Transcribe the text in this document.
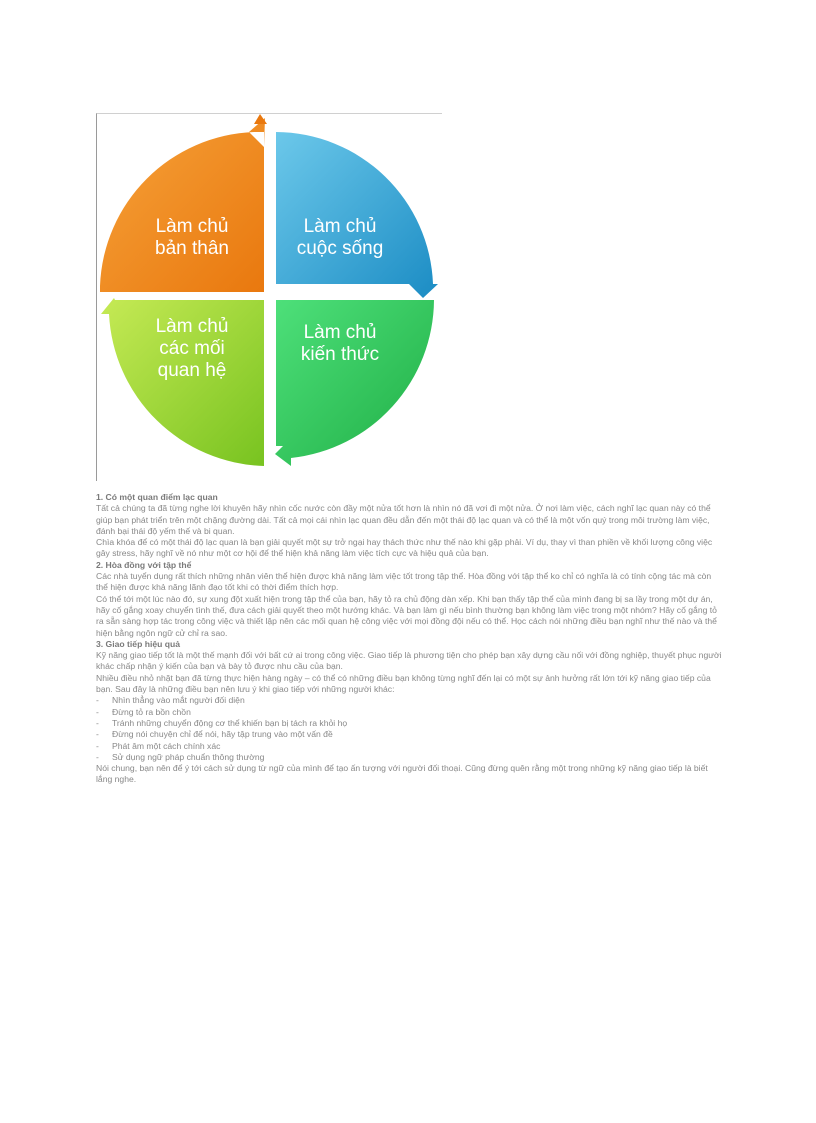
Làm chủ
bản thân
Làm chủ
cuộc sống
Làm chủ
các mối
quan hệ
Làm chủ
kiến thức

1. Có một quan điểm lạc quan

Tất cả chúng ta đã từng nghe lời khuyên hãy nhìn cốc nước còn đầy một nửa tốt hơn là nhìn nó đã vơi đi một nửa. Ở nơi làm việc, cách nghĩ lạc quan này có thể giúp bạn phát triển trên một chặng đường dài. Tất cả mọi cái nhìn lạc quan đều dẫn đến một thái độ lạc quan và có thể là một vốn quý trong môi trường làm việc, đánh bại thái độ yếm thế và bi quan.

Chìa khóa để có một thái độ lạc quan là bạn giải quyết một sự trở ngại hay thách thức như thế nào khi gặp phải. Ví dụ, thay vì than phiền về khối lượng công việc gây stress, hãy nghĩ về nó như một cơ hội để thể hiện khả năng làm việc tích cực và hiệu quả của bạn.

2. Hòa đồng với tập thể

Các nhà tuyển dụng rất thích những nhân viên thể hiện được khả năng làm việc tốt trong tập thể. Hòa đồng với tập thể ko chỉ có nghĩa là có tính cộng tác mà còn thể hiện được khả năng lãnh đạo tốt khi có thời điểm thích hợp.

Có thể tới một lúc nào đó, sự xung đột xuất hiện trong tập thể của bạn, hãy tỏ ra chủ động dàn xếp. Khi bạn thấy tập thể của mình đang bị sa lầy trong một dự án, hãy cố gắng xoay chuyển tình thế, đưa cách giải quyết theo một hướng khác. Và bạn làm gì nếu bình thường bạn không làm việc trong một nhóm? Hãy cố gắng tỏ ra sẵn sàng hợp tác trong công việc và thiết lập nên các mối quan hệ công việc với mọi đồng đội nếu có thể. Học cách nói những điều bạn nghĩ như thế nào và thể hiện bằng ngôn ngữ cử chỉ ra sao.

3. Giao tiếp hiệu quả

Kỹ năng giao tiếp tốt là một thế mạnh đối với bất cứ ai trong công việc. Giao tiếp là phương tiện cho phép bạn xây dựng cầu nối với đồng nghiệp, thuyết phục người khác chấp nhận ý kiến của bạn và bày tỏ được nhu cầu của bạn.

Nhiều điều nhỏ nhặt bạn đã từng thực hiện hàng ngày – có thể có những điều bạn không từng nghĩ đến lại có một sự ảnh hưởng rất lớn tới kỹ năng giao tiếp của bạn. Sau đây là những điều bạn nên lưu ý khi giao tiếp với những người khác:

- Nhìn thẳng vào mắt người đối diện
- Đừng tỏ ra bồn chồn
- Tránh những chuyển động cơ thể khiến bạn bị tách ra khỏi họ
- Đừng nói chuyện chỉ để nói, hãy tập trung vào một vấn đề
- Phát âm một cách chính xác
- Sử dụng ngữ pháp chuẩn thông thường

Nói chung, bạn nên để ý tới cách sử dụng từ ngữ của mình để tạo ấn tượng với người đối thoại. Cũng đừng quên rằng một trong những kỹ năng giao tiếp là biết lắng nghe.
